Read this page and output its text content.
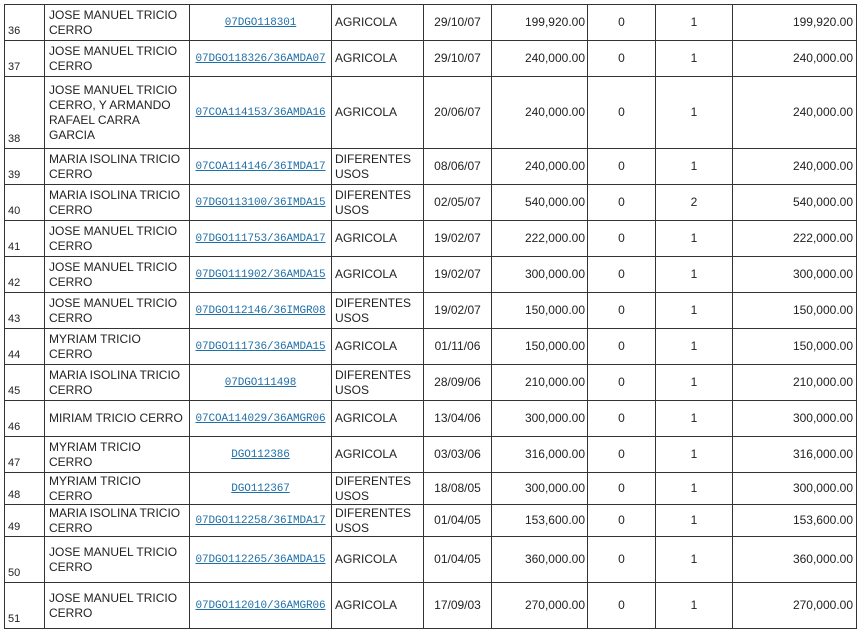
36	JOSE MANUEL TRICIO
CERRO	07DGO118301	AGRICOLA	29/10/07	199,920.00	0	1	199,920.00
37	JOSE MANUEL TRICIO
CERRO	07DGO118326/36AMDA07	AGRICOLA	29/10/07	240,000.00	0	1	240,000.00
38	JOSE MANUEL TRICIO
CERRO, Y ARMANDO
RAFAEL CARRA GARCIA	07COA114153/36AMDA16	AGRICOLA	20/06/07	240,000.00	0	1	240,000.00
39	MARIA ISOLINA TRICIO
CERRO	07COA114146/36IMDA17	DIFERENTES
USOS	08/06/07	240,000.00	0	1	240,000.00
40	MARIA ISOLINA TRICIO
CERRO	07DGO113100/36IMDA15	DIFERENTES
USOS	02/05/07	540,000.00	0	2	540,000.00
41	JOSE MANUEL TRICIO
CERRO	07DGO111753/36AMDA17	AGRICOLA	19/02/07	222,000.00	0	1	222,000.00
42	JOSE MANUEL TRICIO
CERRO	07DGO111902/36AMDA15	AGRICOLA	19/02/07	300,000.00	0	1	300,000.00
43	JOSE MANUEL TRICIO
CERRO	07DGO112146/36IMGR08	DIFERENTES
USOS	19/02/07	150,000.00	0	1	150,000.00
44	MYRIAM TRICIO CERRO	07DGO111736/36AMDA15	AGRICOLA	01/11/06	150,000.00	0	1	150,000.00
45	MARIA ISOLINA TRICIO
CERRO	07DGO111498	DIFERENTES
USOS	28/09/06	210,000.00	0	1	210,000.00
46	MIRIAM TRICIO CERRO	07COA114029/36AMGR06	AGRICOLA	13/04/06	300,000.00	0	1	300,000.00
47	MYRIAM TRICIO CERRO	DGO112386	AGRICOLA	03/03/06	316,000.00	0	1	316,000.00
48	MYRIAM TRICIO CERRO	DGO112367	DIFERENTES
USOS	18/08/05	300,000.00	0	1	300,000.00
49	MARIA ISOLINA TRICIO
CERRO	07DGO112258/36IMDA17	DIFERENTES
USOS	01/04/05	153,600.00	0	1	153,600.00
50	JOSE MANUEL TRICIO
CERRO	07DGO112265/36AMDA15	AGRICOLA	01/04/05	360,000.00	0	1	360,000.00
51	JOSE MANUEL TRICIO
CERRO	07DGO112010/36AMGR06	AGRICOLA	17/09/03	270,000.00	0	1	270,000.00
